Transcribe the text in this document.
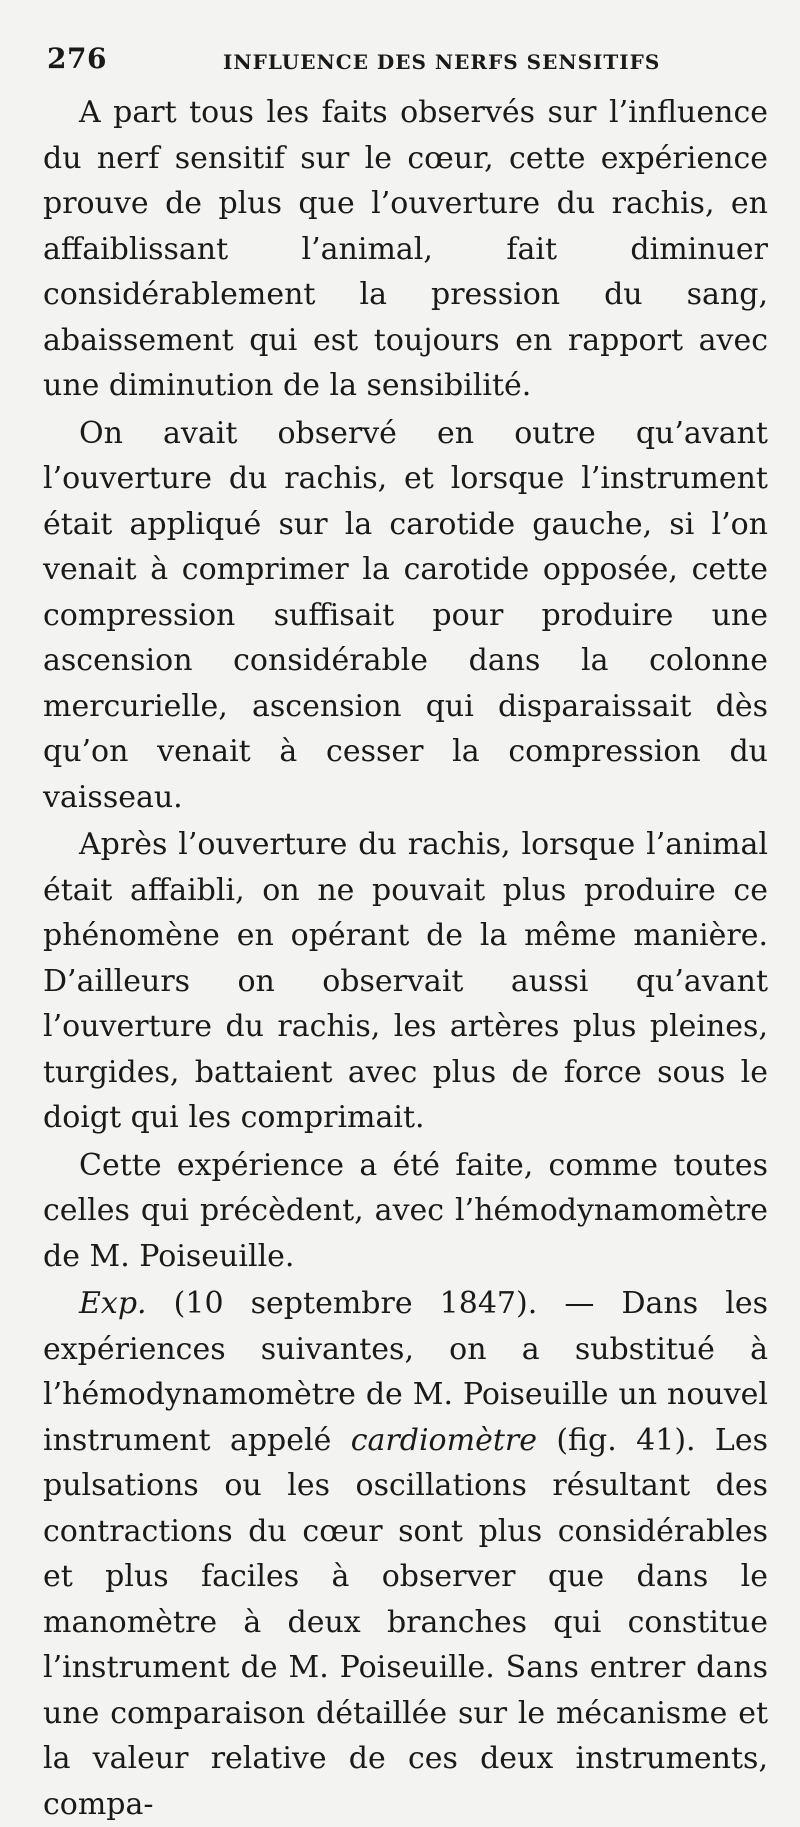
276	INFLUENCE DES NERFS SENSITIFS

A part tous les faits observés sur l’influence du nerf sensitif sur le cœur, cette expérience prouve de plus que l’ouverture du rachis, en affaiblissant l’animal, fait diminuer considérablement la pression du sang, abaissement qui est toujours en rapport avec une diminution de la sensibilité.

On avait observé en outre qu’avant l’ouverture du rachis, et lorsque l’instrument était appliqué sur la carotide gauche, si l’on venait à comprimer la carotide opposée, cette compression suffisait pour produire une ascension considérable dans la colonne mercurielle, ascension qui disparaissait dès qu’on venait à cesser la compression du vaisseau.

Après l’ouverture du rachis, lorsque l’animal était affaibli, on ne pouvait plus produire ce phénomène en opérant de la même manière. D’ailleurs on observait aussi qu’avant l’ouverture du rachis, les artères plus pleines, turgides, battaient avec plus de force sous le doigt qui les comprimait.

Cette expérience a été faite, comme toutes celles qui précèdent, avec l’hémodynamomètre de M. Poiseuille.

Exp. (10 septembre 1847). — Dans les expériences suivantes, on a substitué à l’hémodynamomètre de M. Poiseuille un nouvel instrument appelé cardiomètre (fig. 41). Les pulsations ou les oscillations résultant des contractions du cœur sont plus considérables et plus faciles à observer que dans le manomètre à deux branches qui constitue l’instrument de M. Poiseuille. Sans entrer dans une comparaison détaillée sur le mécanisme et la valeur relative de ces deux instruments, compa-
